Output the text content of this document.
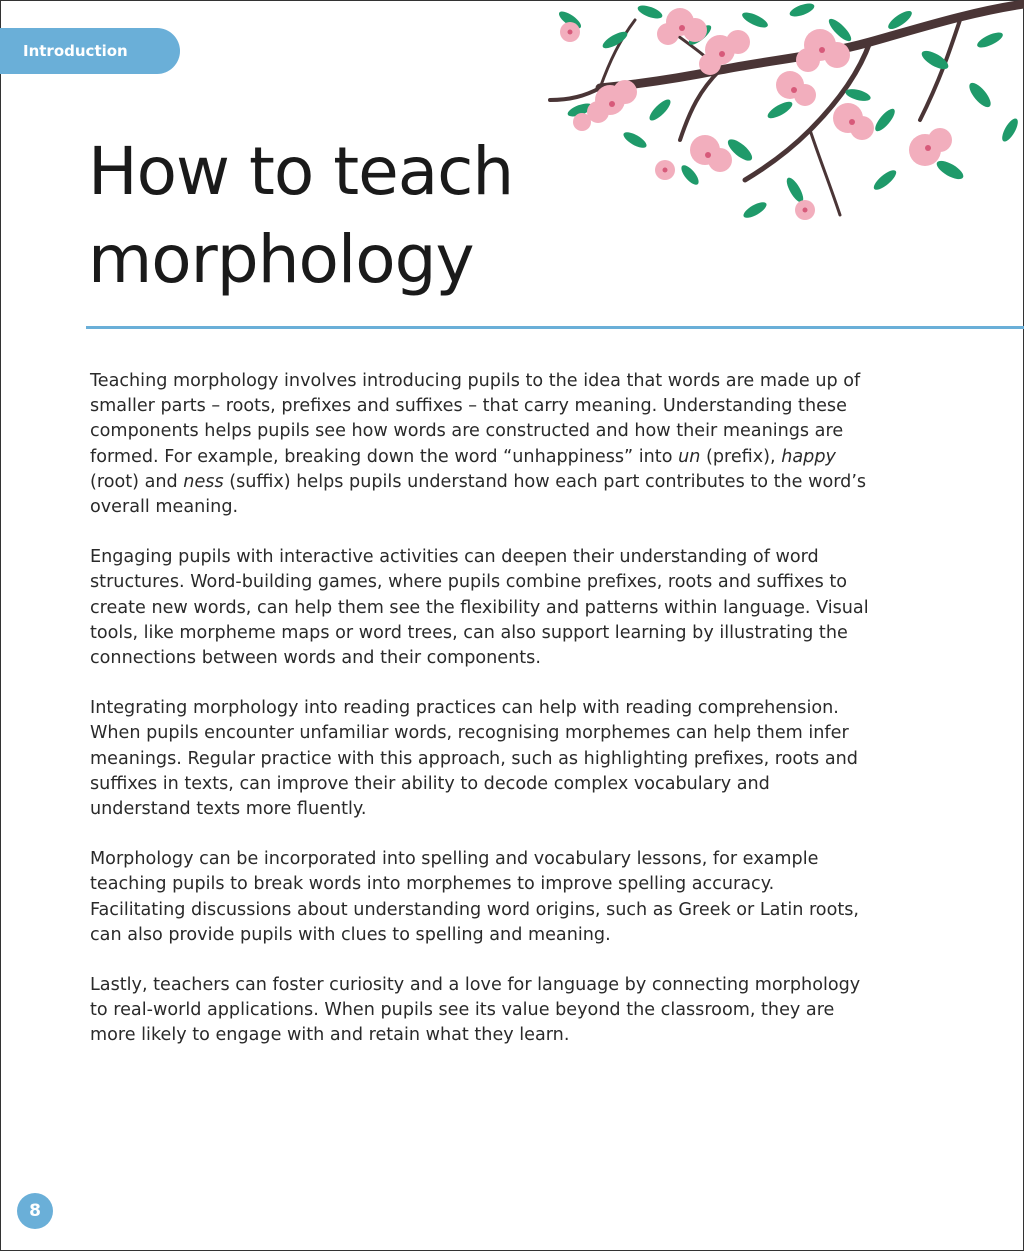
Introduction
How to teach
morphology

Teaching morphology involves introducing pupils to the idea that words are made up of smaller parts – roots, prefixes and suffixes – that carry meaning. Understanding these components helps pupils see how words are constructed and how their meanings are formed. For example, breaking down the word “unhappiness” into un (prefix), happy (root) and ness (suffix) helps pupils understand how each part contributes to the word’s overall meaning.

Engaging pupils with interactive activities can deepen their understanding of word structures. Word-building games, where pupils combine prefixes, roots and suffixes to create new words, can help them see the flexibility and patterns within language. Visual tools, like morpheme maps or word trees, can also support learning by illustrating the connections between words and their components.

Integrating morphology into reading practices can help with reading comprehension. When pupils encounter unfamiliar words, recognising morphemes can help them infer meanings. Regular practice with this approach, such as highlighting prefixes, roots and suffixes in texts, can improve their ability to decode complex vocabulary and understand texts more fluently.

Morphology can be incorporated into spelling and vocabulary lessons, for example teaching pupils to break words into morphemes to improve spelling accuracy. Facilitating discussions about understanding word origins, such as Greek or Latin roots, can also provide pupils with clues to spelling and meaning.

Lastly, teachers can foster curiosity and a love for language by connecting morphology to real-world applications. When pupils see its value beyond the classroom, they are more likely to engage with and retain what they learn.

8
